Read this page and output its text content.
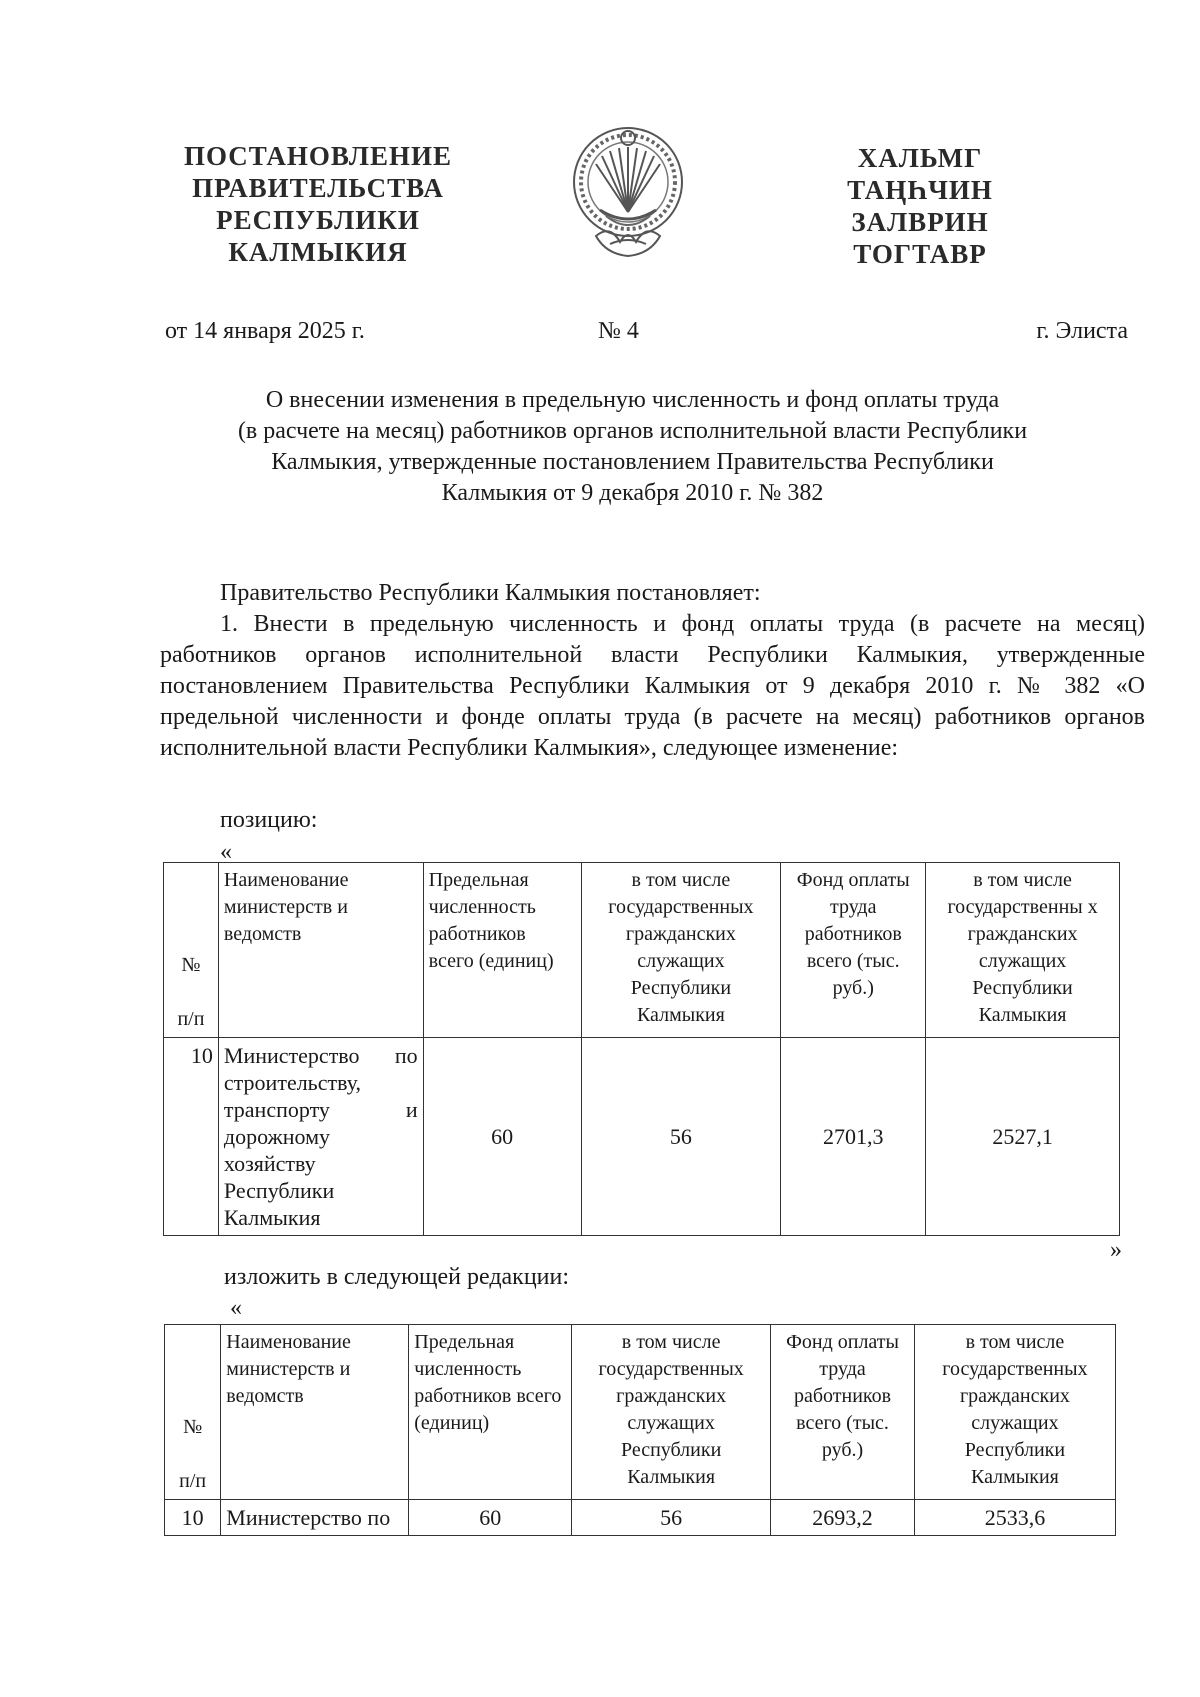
ПОСТАНОВЛЕНИЕ
ПРАВИТЕЛЬСТВА
РЕСПУБЛИКИ
КАЛМЫКИЯ
ХАЛЬМГ
ТАҢҺЧИН
ЗАЛВРИН
ТОГТАВР
от 14 января 2025 г.	№ 4	г. Элиста
О внесении изменения в предельную численность и фонд оплаты труда
(в расчете на месяц) работников органов исполнительной власти Республики
Калмыкия, утвержденные постановлением Правительства Республики
Калмыкия от 9 декабря 2010 г. № 382
Правительство Республики Калмыкия постановляет:
1. Внести в предельную численность и фонд оплаты труда (в расчете на месяц) работников органов исполнительной власти Республики Калмыкия, утвержденные постановлением Правительства Республики Калмыкия от 9 декабря 2010 г. № 382 «О предельной численности и фонде оплаты труда (в расчете на месяц) работников органов исполнительной власти Республики Калмыкия», следующее изменение:
позицию:
«
№

п/п	Наименование министерств и ведомств	Предельная численность работников всего (единиц)	в том числе государственных гражданских служащих Республики Калмыкия	Фонд оплаты труда работников всего (тыс. руб.)	в том числе государственны х гражданских служащих Республики Калмыкия
10	Министерство по строительству, транспорту и дорожному хозяйству Республики Калмыкия	60	56	2701,3	2527,1
»
изложить в следующей редакции:
«
№

п/п	Наименование министерств и ведомств	Предельная численность работников всего (единиц)	в том числе государственных гражданских служащих Республики Калмыкия	Фонд оплаты труда работников всего (тыс. руб.)	в том числе государственных гражданских служащих Республики Калмыкия
10	Министерство по	60	56	2693,2	2533,6
